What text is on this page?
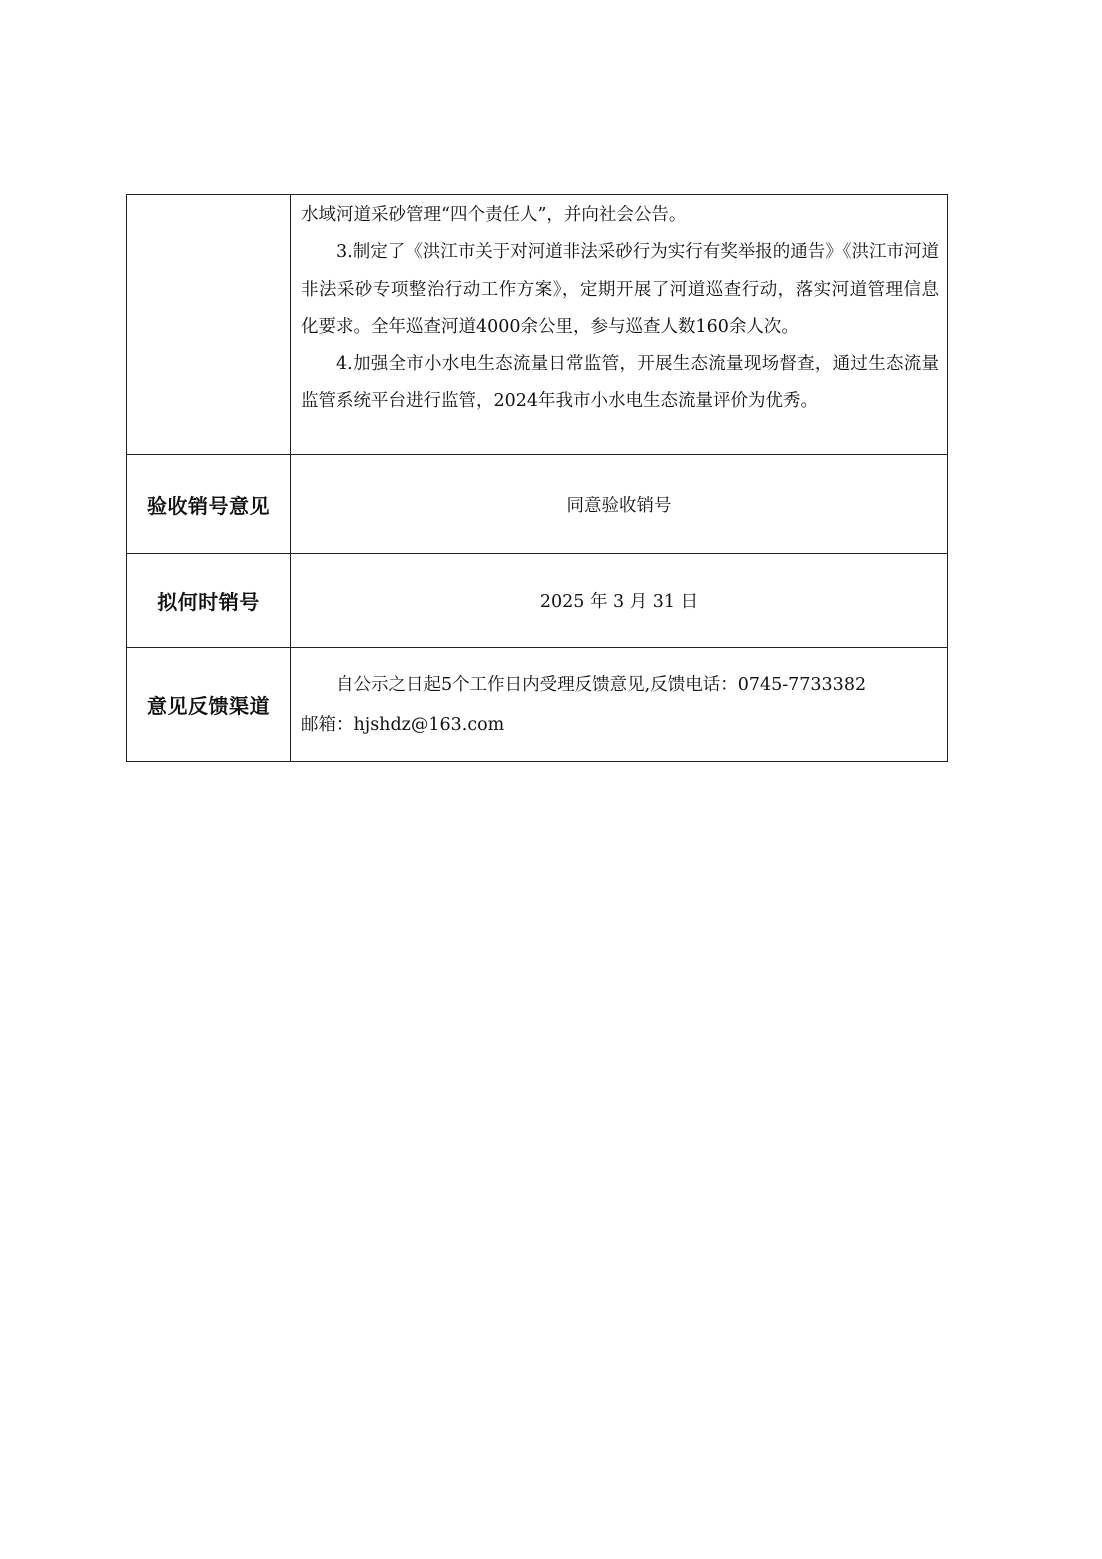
	水域河道采砂管理“四个责任人”，并向社会公告。

3.制定了《洪江市关于对河道非法采砂行为实行有奖举报的通告》《洪江市河道非法采砂专项整治行动工作方案》，定期开展了河道巡查行动，落实河道管理信息化要求。全年巡查河道4000余公里，参与巡查人数160余人次。

4.加强全市小水电生态流量日常监管，开展生态流量现场督查，通过生态流量监管系统平台进行监管，2024年我市小水电生态流量评价为优秀。

验收销号意见	同意验收销号
拟何时销号	2025 年 3 月 31 日
意见反馈渠道	自公示之日起5个工作日内受理反馈意见,反馈电话：0745-7733382
邮箱：hjshdz@163.com
